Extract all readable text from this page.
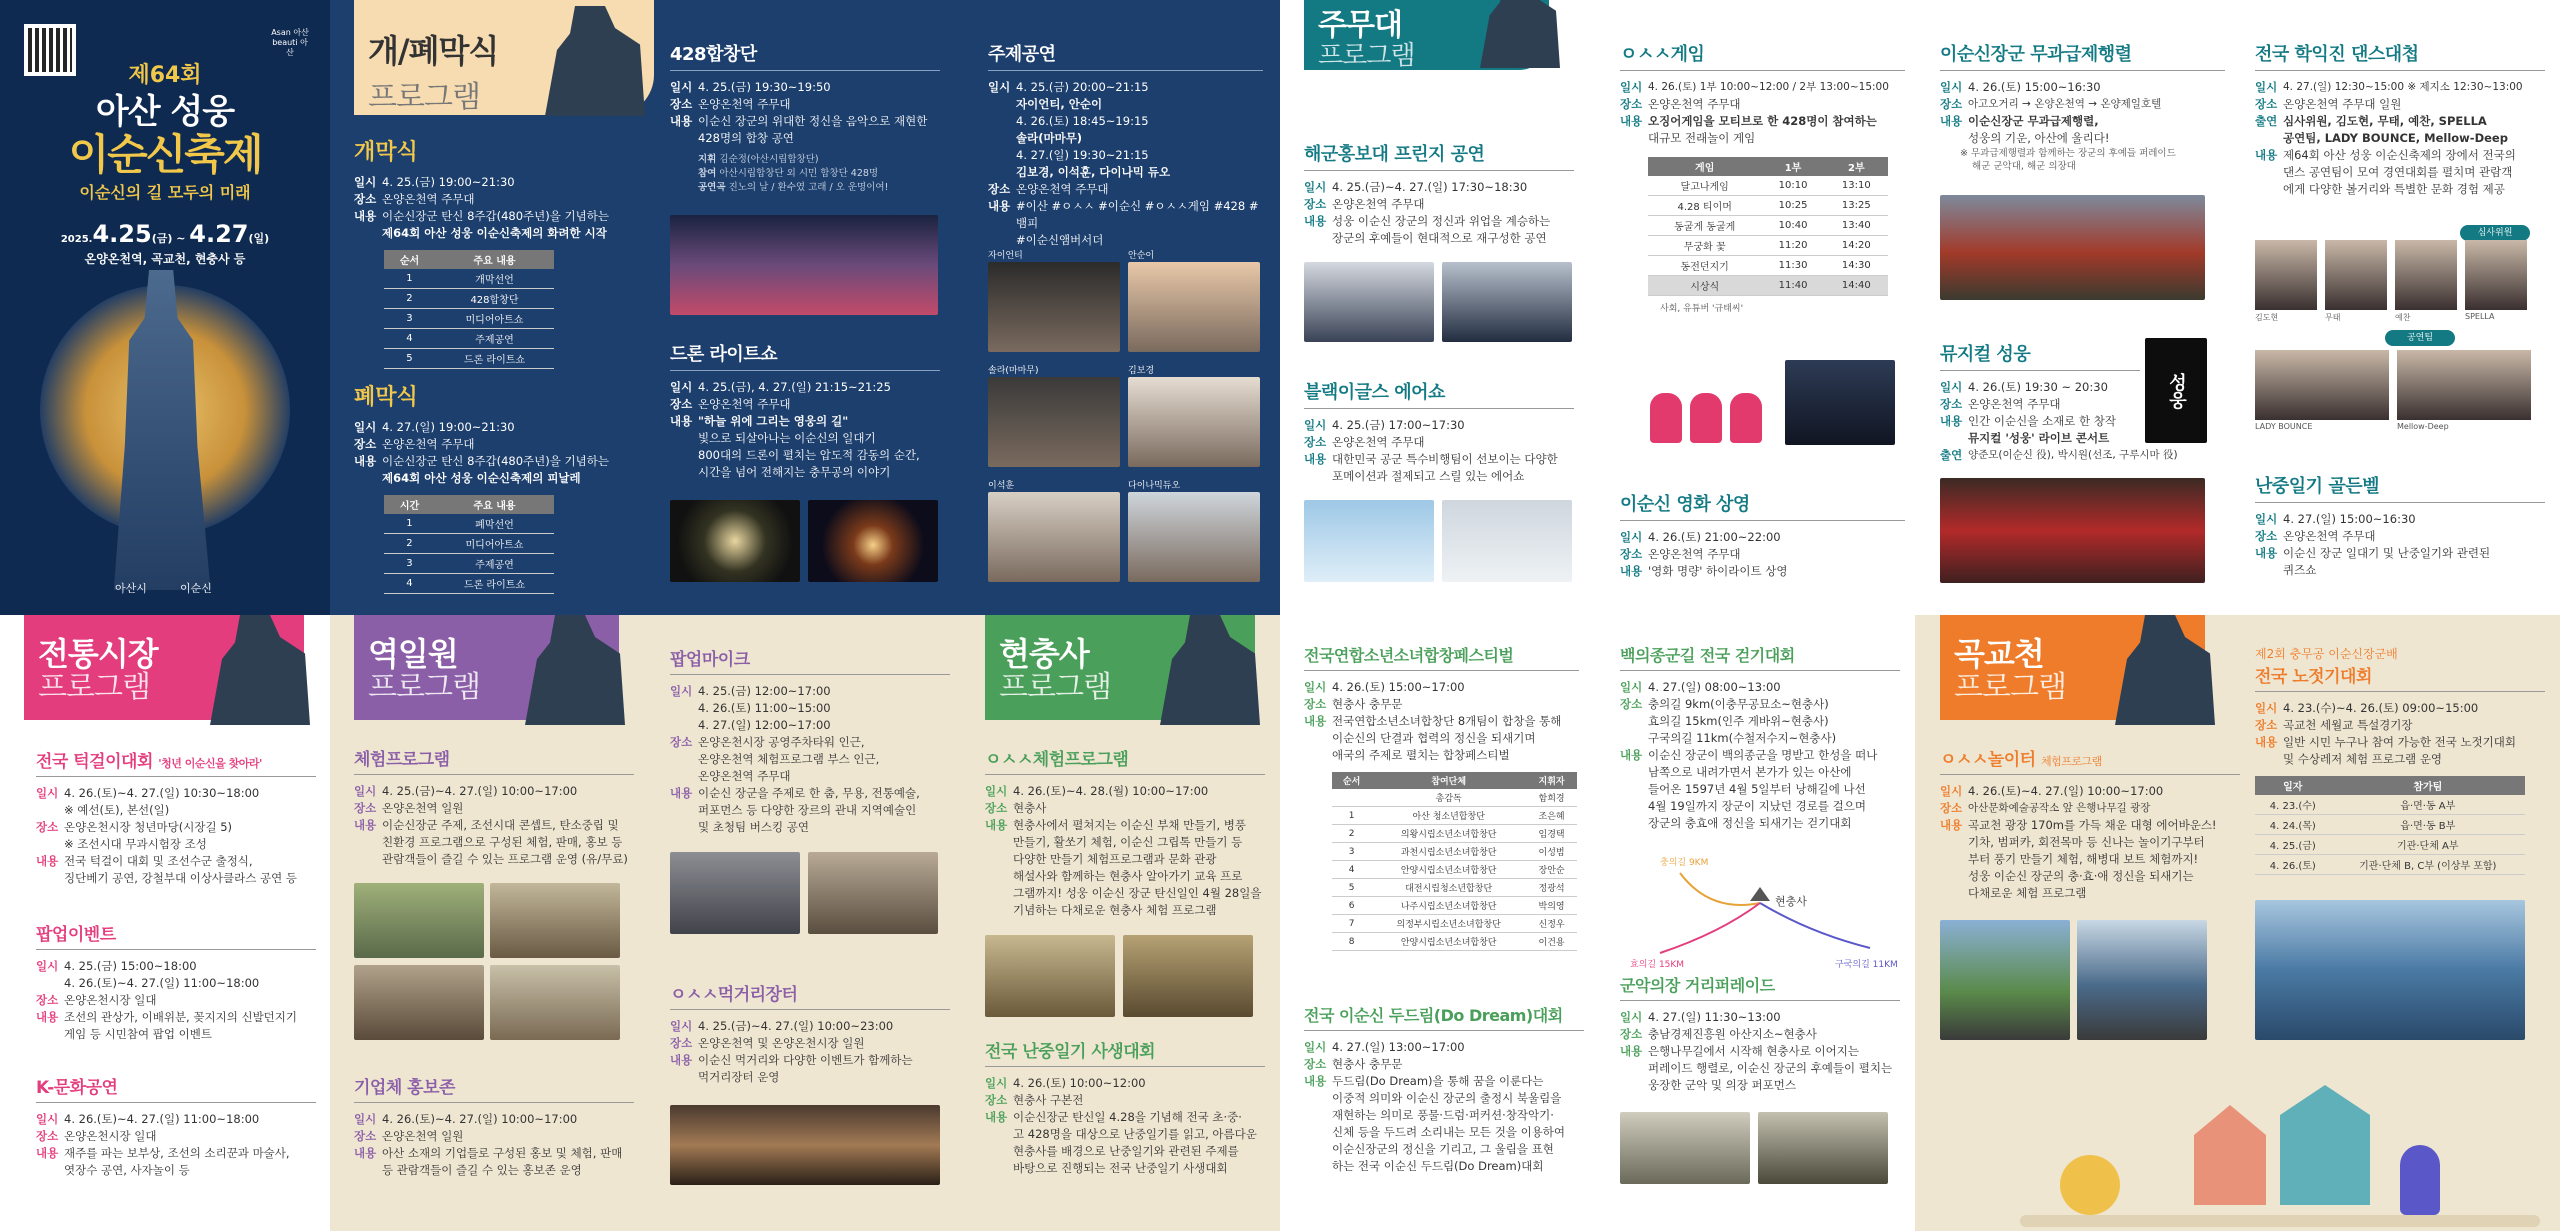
Asan 아산 beauti 아산
제64회
아산 성웅
이순신축제
이순신의 길 모두의 미래
2025.4.25(금) ~ 4.27(일)
온양온천역, 곡교천, 현충사 등
아산시	이순신
개/폐막식
프로그램
개막식
일시 4. 25.(금) 19:00~21:30
장소 온양온천역 주무대
내용 이순신장군 탄신 8주갑(480주년)을 기념하는
제64회 아산 성웅 이순신축제의 화려한 시작
순서	주요 내용
1	개막선언
2	428합창단
3	미디어아트쇼
4	주제공연
5	드론 라이트쇼
폐막식
일시 4. 27.(일) 19:00~21:30
장소 온양온천역 주무대
내용 이순신장군 탄신 8주갑(480주년)을 기념하는
제64회 아산 성웅 이순신축제의 피날레
시간	주요 내용
1	폐막선언
2	미디어아트쇼
3	주제공연
4	드론 라이트쇼
428합창단
일시 4. 25.(금) 19:30~19:50
장소 온양온천역 주무대
내용 이순신 장군의 위대한 정신을 음악으로 재현한
428명의 합창 공연
지휘 김순정(아산시립합창단)
참여 아산시립합창단 외 시민 합창단 428명
공연곡 진노의 날 / 환수였 고래 / 오 운명이여!
드론 라이트쇼
일시 4. 25.(금), 4. 27.(일) 21:15~21:25
장소 온양온천역 주무대
내용 "하늘 위에 그리는 영웅의 길"
빛으로 되살아나는 이순신의 일대기
800대의 드론이 펼치는 압도적 감동의 순간,
시간을 넘어 전해지는 충무공의 이야기
주제공연
일시 4. 25.(금) 20:00~21:15
자이언티, 안순이
4. 26.(토) 18:45~19:15
솔라(마마무)
4. 27.(일) 19:30~21:15
김보경, 이석훈, 다이나믹 듀오
장소 온양온천역 주무대
내용 #이산 #ㅇㅅㅅ #이순신 #ㅇㅅㅅ게임 #428 #뱀피
#이순신앰버서더
자이언티	안순이
솔라(마마무)	김보경
이석훈	다이나믹듀오
주무대
프로그램
해군홍보대 프린지 공연
일시 4. 25.(금)~4. 27.(일) 17:30~18:30
장소 온양온천역 주무대
내용 성웅 이순신 장군의 정신과 위업을 계승하는
장군의 후예들이 현대적으로 재구성한 공연
블랙이글스 에어쇼
일시 4. 25.(금) 17:00~17:30
장소 온양온천역 주무대
내용 대한민국 공군 특수비행팀이 선보이는 다양한
포메이션과 절제되고 스릴 있는 에어쇼
ㅇㅅㅅ게임
일시 4. 26.(토) 1부 10:00~12:00 / 2부 13:00~15:00
장소 온양온천역 주무대
내용 오징어게임을 모티브로 한 428명이 참여하는
대규모 전래놀이 게임
게임	1부	2부
달고나게임	10:10	13:10
4.28 티이머	10:25	13:25
동굴게 동굴게	10:40	13:40
무궁화 꽃	11:20	14:20
동전던지기	11:30	14:30
시상식	11:40	14:40
사회, 유튜버 '규태씨'
이순신 영화 상영
일시 4. 26.(토) 21:00~22:00
장소 온양온천역 주무대
내용 '영화 명량' 하이라이트 상영
이순신장군 무과급제행렬
일시 4. 26.(토) 15:00~16:30
장소 아고오거리 → 온양온천역 → 온양제일호텔
내용 이순신장군 무과급제행렬,
성웅의 기운, 아산에 울리다!
※ 무과급제행렬과 함께하는 장군의 후예들 퍼레이드
해군 군악대, 해군 의장대
뮤지컬 성웅
일시 4. 26.(토) 19:30 ~ 20:30
장소 온양온천역 주무대
내용 인간 이순신을 소재로 한 창작
뮤지컬 '성웅' 라이브 콘서트
출연 양준모(이순신 役), 박시원(선조, 구루시마 役)
성웅
전국 학익진 댄스대첩
일시 4. 27.(일) 12:30~15:00 ※ 제지소 12:30~13:00
장소 온양온천역 주무대 일원
출연 심사위원, 김도현, 무태, 예찬, SPELLA
공연팀, LADY BOUNCE, Mellow-Deep
내용 제64회 아산 성웅 이순신축제의 장에서 전국의
댄스 공연팀이 모여 경연대회를 펼치며 관람객
에게 다양한 볼거리와 특별한 문화 경험 제공
심사위원
김도현	무태	예찬	SPELLA
공연팀
LADY BOUNCE	Mellow-Deep
난중일기 골든벨
일시 4. 27.(일) 15:00~16:30
장소 온양온천역 주무대
내용 이순신 장군 일대기 및 난중일기와 관련된
퀴즈쇼
전통시장
프로그램
전국 턱걸이대회 '청년 이순신을 찾아라'
일시 4. 26.(토)~4. 27.(일) 10:30~18:00
※ 예선(토), 본선(일)
장소 온양온천시장 청년마당(시장길 5)
※ 조선시대 무과시험장 조성
내용 전국 턱걸이 대회 및 조선수군 출정식,
징단베기 공연, 강철부대 이상사클라스 공연 등
팝업이벤트
일시 4. 25.(금) 15:00~18:00
4. 26.(토)~4. 27.(일) 11:00~18:00
장소 온양온천시장 일대
내용 조선의 관상가, 이배위분, 꽂지지의 신발던지기
게임 등 시민참여 팝업 이벤트
K-문화공연
일시 4. 26.(토)~4. 27.(일) 11:00~18:00
장소 온양온천시장 일대
내용 재주를 파는 보부상, 조선의 소리꾼과 마술사,
엿장수 공연, 사자놀이 등
역일원
프로그램
체험프로그램
일시 4. 25.(금)~4. 27.(일) 10:00~17:00
장소 온양온천역 일원
내용 이순신장군 주제, 조선시대 콘셉트, 탄소중립 및
친환경 프로그램으로 구성된 체험, 판매, 홍보 등
관람객들이 즐길 수 있는 프로그램 운영 (유/무료)
기업체 홍보존
일시 4. 26.(토)~4. 27.(일) 10:00~17:00
장소 온양온천역 일원
내용 아산 소재의 기업들로 구성된 홍보 및 체험, 판매
등 관람객들이 즐길 수 있는 홍보존 운영
팝업마이크
일시 4. 25.(금) 12:00~17:00
4. 26.(토) 11:00~15:00
4. 27.(일) 12:00~17:00
장소 온양온천시장 공영주차타워 인근,
온양온천역 체험프로그램 부스 인근,
온양온천역 주무대
내용 이순신 장군을 주제로 한 춤, 무용, 전통예술,
퍼포먼스 등 다양한 장르의 관내 지역예술인
및 초청팀 버스킹 공연
ㅇㅅㅅ먹거리장터
일시 4. 25.(금)~4. 27.(일) 10:00~23:00
장소 온양온천역 및 온양온천시장 일원
내용 이순신 먹거리와 다양한 이벤트가 함께하는
먹거리장터 운영
현충사
프로그램
ㅇㅅㅅ체험프로그램
일시 4. 26.(토)~4. 28.(월) 10:00~17:00
장소 현충사
내용 현충사에서 펼쳐지는 이순신 부채 만들기, 병풍
만들기, 활쏘기 체험, 이순신 그립톡 만들기 등
다양한 만들기 체험프로그램과 문화 관광
해설사와 함께하는 현충사 알아가기 교육 프로
그램까지! 성웅 이순신 장군 탄신일인 4월 28일을
기념하는 다채로운 현충사 체험 프로그램
전국 난중일기 사생대회
일시 4. 26.(토) 10:00~12:00
장소 현충사 구본전
내용 이순신장군 탄신일 4.28을 기념해 전국 초·중·
고 428명을 대상으로 난중일기를 읽고, 아름다운
현충사를 배경으로 난중일기와 관련된 주제를
바탕으로 진행되는 전국 난중일기 사생대회
전국연합소년소녀합창페스티벌
일시 4. 26.(토) 15:00~17:00
장소 현충사 충무문
내용 전국연합소년소녀합창단 8개팀이 합창을 통해
이순신의 단결과 협력의 정신을 되새기며
애국의 주제로 펼치는 합창페스티벌
순서	참여단체	지휘자
	총감독	함희경
1	아산 청소년합창단	조은혜
2	의왕시립소년소녀합창단	임경택
3	과천시립소년소녀합창단	이성범
4	안양시립소년소녀합창단	장안순
5	대전시립청소년합창단	정광석
6	나주시립소년소녀합창단	박의영
7	의정부시립소년소녀합창단	신정우
8	안양시립소년소녀합창단	이건용
전국 이순신 두드림(Do Dream)대회
일시 4. 27.(일) 13:00~17:00
장소 현충사 충무문
내용 두드림(Do Dream)을 통해 꿈을 이룬다는
이중적 의미와 이순신 장군의 출정시 북울림을
재현하는 의미로 풍물·드럼·퍼커션·창작악기·
신체 등을 두드려 소리내는 모든 것을 이용하여
이순신장군의 정신을 기리고, 그 울림을 표현
하는 전국 이순신 두드림(Do Dream)대회
백의종군길 전국 걷기대회
일시 4. 27.(일) 08:00~13:00
장소 충의길 9km(이충무공묘소~현충사)
효의길 15km(인주 게바위~현충사)
구국의길 11km(수철저수지~현충사)
내용 이순신 장군이 백의종군을 명받고 한성을 떠나
남쪽으로 내려가면서 본가가 있는 아산에
들어온 1597년 4월 5일부터 낭해길에 나선
4월 19일까지 장군이 지났던 경로를 걸으며
장군의 충효애 정신을 되새기는 걷기대회
현충사
충의길 9KM
효의길 15KM	구국의길 11KM
군악의장 거리퍼레이드
일시 4. 27.(일) 11:30~13:00
장소 충남경제진흥원 아산지소~현충사
내용 은행나무길에서 시작해 현충사로 이어지는
퍼레이드 행렬로, 이순신 장군의 후예들이 펼치는
웅장한 군악 및 의장 퍼포먼스
곡교천
프로그램
ㅇㅅㅅ놀이터 체험프로그램
일시 4. 26.(토)~4. 27.(일) 10:00~17:00
장소 아산문화예술공작소 앞 은행나무길 광장
내용 곡교천 광장 170m를 가득 채운 대형 에어바운스!
기차, 범퍼카, 회전목마 등 신나는 놀이기구부터
부터 풍기 만들기 체험, 해병대 보트 체험까지!
성웅 이순신 장군의 충·효·애 정신을 되새기는
다채로운 체험 프로그램
제2회 충무공 이순신장군배
전국 노젓기대회
일시 4. 23.(수)~4. 26.(토) 09:00~15:00
장소 곡교천 세월교 특설경기장
내용 일반 시민 누구나 참여 가능한 전국 노젓기대회
및 수상레저 체험 프로그램 운영
일자	참가팀
4. 23.(수)	읍·면·동 A부
4. 24.(목)	읍·면·동 B부
4. 25.(금)	기관·단체 A부
4. 26.(토)	기관·단체 B, C부 (이상부 포함)
